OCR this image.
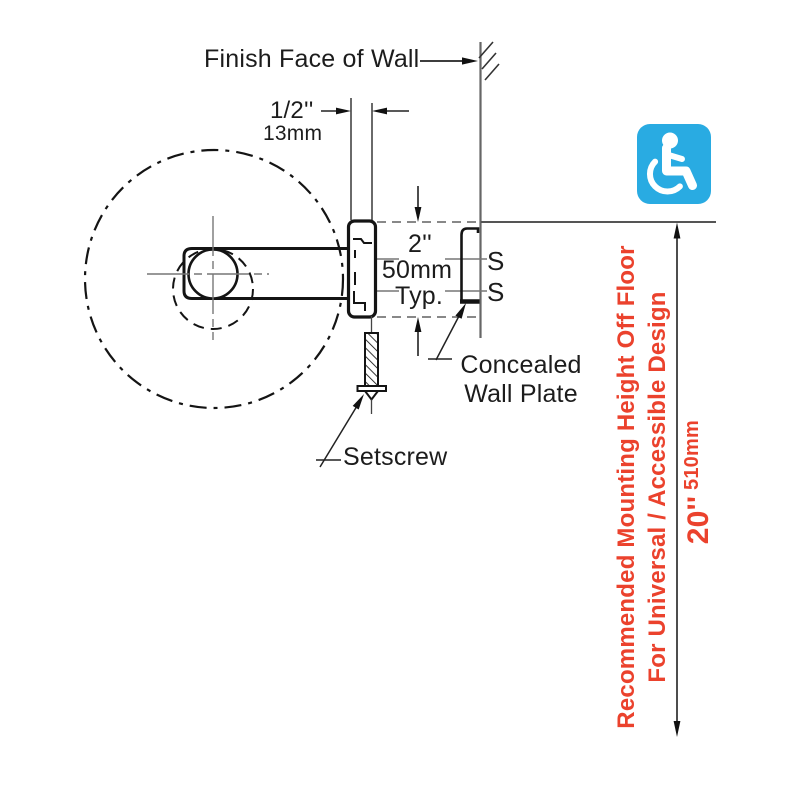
Finish Face of Wall
1/2''
13mm
2''
50mm
Typ.
S
S
Concealed
Wall Plate
Setscrew	Recommended Mounting Height Off Floor For Universal / Accessible Design 20''
510mm
